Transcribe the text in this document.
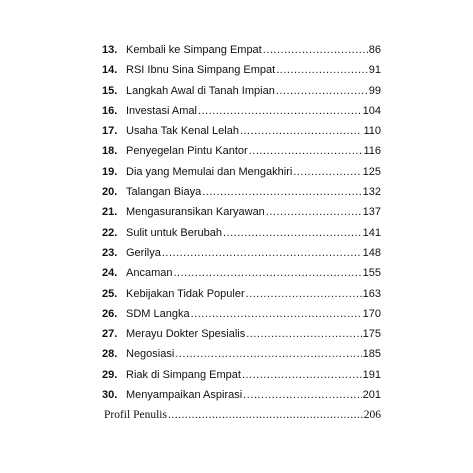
13. Kembali ke Simpang Empat .....	86
14. RSI Ibnu Sina Simpang Empat .....	91
15. Langkah Awal di Tanah Impian .....	99
16. Investasi Amal .....	104
17. Usaha Tak Kenal Lelah .....	110
18. Penyegelan Pintu Kantor .....	116
19. Dia yang Memulai dan Mengakhiri .....	125
20. Talangan Biaya .....	132
21. Mengasuransikan Karyawan .....	137
22. Sulit untuk Berubah .....	141
23. Gerilya .....	148
24. Ancaman .....	155
25. Kebijakan Tidak Populer .....	163
26. SDM Langka .....	170
27. Merayu Dokter Spesialis .....	175
28. Negosiasi .....	185
29. Riak di Simpang Empat .....	191
30. Menyampaikan Aspirasi .....	201
Profil Penulis .....	206
